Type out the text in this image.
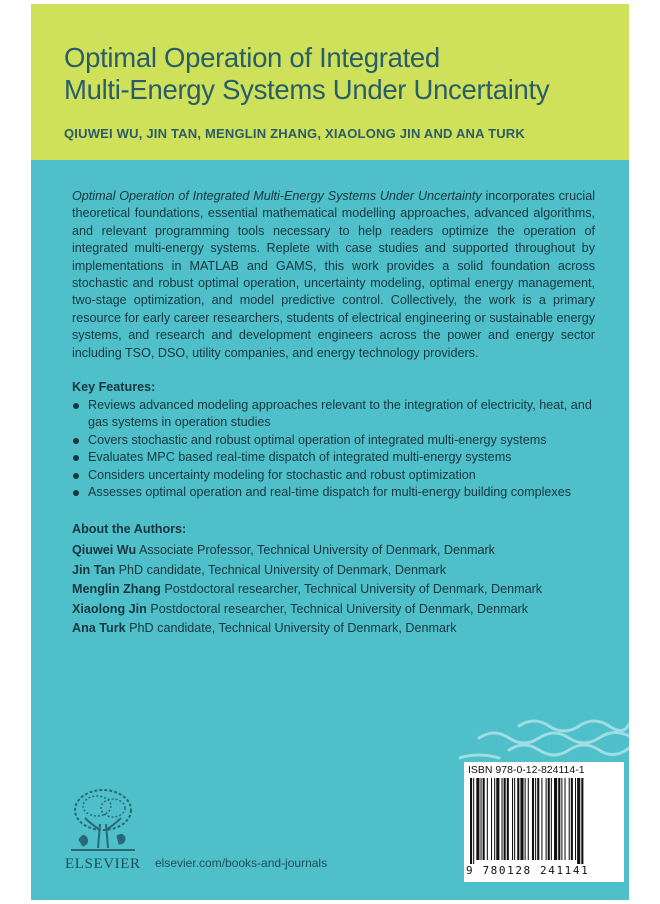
Optimal Operation of Integrated
Multi-Energy Systems Under Uncertainty
QIUWEI WU, JIN TAN, MENGLIN ZHANG, XIAOLONG JIN AND ANA TURK

Optimal Operation of Integrated Multi-Energy Systems Under Uncertainty incorporates crucial theoretical foundations, essential mathematical modelling approaches, advanced algorithms, and relevant programming tools necessary to help readers optimize the operation of integrated multi-energy systems. Replete with case studies and supported throughout by implementations in MATLAB and GAMS, this work provides a solid foundation across stochastic and robust optimal operation, uncertainty modeling, optimal energy management, two-stage optimization, and model predictive control. Collectively, the work is a primary resource for early career researchers, students of electrical engineering or sustainable energy systems, and research and development engineers across the power and energy sector including TSO, DSO, utility companies, and energy technology providers.

Key Features:
Reviews advanced modeling approaches relevant to the integration of electricity, heat, and gas systems in operation studies
Covers stochastic and robust optimal operation of integrated multi-energy systems
Evaluates MPC based real-time dispatch of integrated multi-energy systems
Considers uncertainty modeling for stochastic and robust optimization
Assesses optimal operation and real-time dispatch for multi-energy building complexes
About the Authors:
Qiuwei Wu Associate Professor, Technical University of Denmark, Denmark
Jin Tan PhD candidate, Technical University of Denmark, Denmark
Menglin Zhang Postdoctoral researcher, Technical University of Denmark, Denmark
Xiaolong Jin Postdoctoral researcher, Technical University of Denmark, Denmark
Ana Turk PhD candidate, Technical University of Denmark, Denmark
ISBN 978-0-12-824114-1
9 780128 241141
ELSEVIER elsevier.com/books-and-journals
